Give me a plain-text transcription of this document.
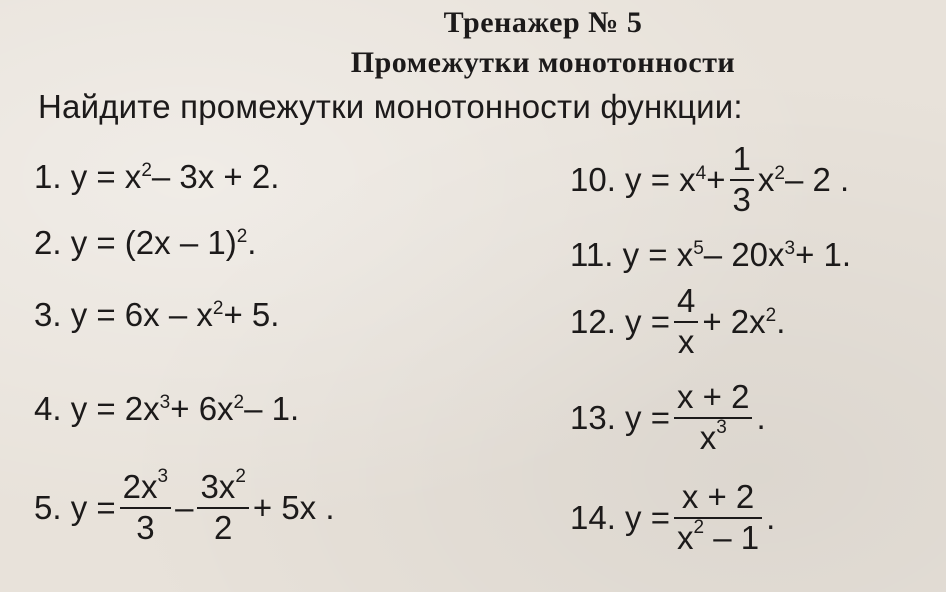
Тренажер № 5
Промежутки монотонности
Найдите промежутки монотонности функции:
1.
$y = x^2 - 3x + 2$.
2.
y = (2x – 1)$^2$ .
3.
$y = 6x - x^2 + 5$.
4.
$y = 2x^3 + 6x^2 - 1$.
5.
$y = \frac{2x^3}{3} - \frac{3x^2}{2} + 5x$ .
10.
$y = x^4 + \frac{1}{3} x^2 - 2$ .
11.
$y = x^5 - 20x^3 + 1$.
12.
$y = \frac{4}{x} + 2x^2$ .
13.
$y = \frac{x + 2}{x^3}$ .
14.
$y = \frac{x + 2}{x^2 - 1}$ .
